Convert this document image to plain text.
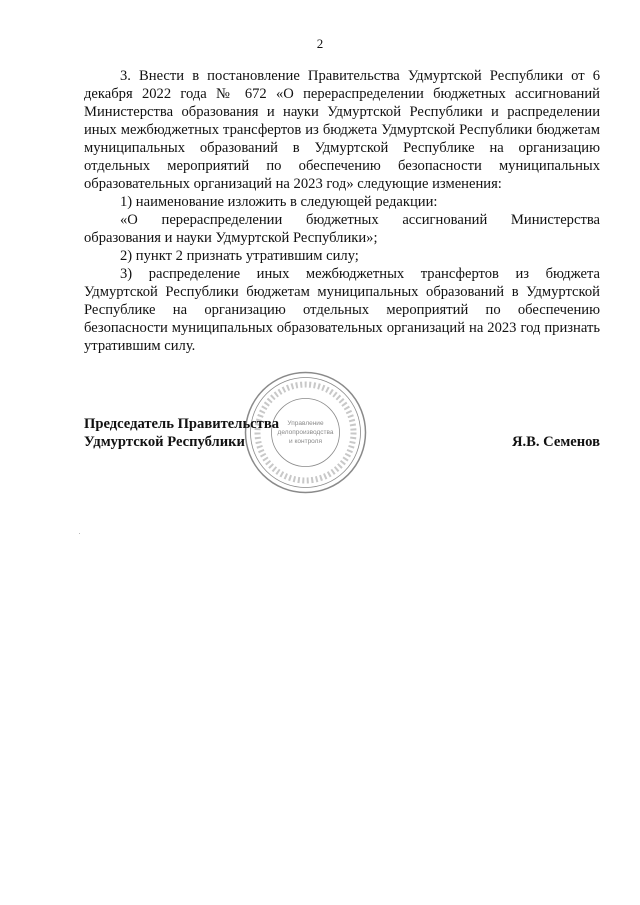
2

3. Внести в постановление Правительства Удмуртской Республики от 6 декабря 2022 года № 672 «О перераспределении бюджетных ассигнований Министерства образования и науки Удмуртской Республики и распределении иных межбюджетных трансфертов из бюджета Удмуртской Республики бюджетам муниципальных образований в Удмуртской Республике на организацию отдельных мероприятий по обеспечению безопасности муниципальных образовательных организаций на 2023 год» следующие изменения:

1) наименование изложить в следующей редакции:

«О перераспределении бюджетных ассигнований Министерства образования и науки Удмуртской Республики»;

2) пункт 2 признать утратившим силу;

3) распределение иных межбюджетных трансфертов из бюджета Удмуртской Республики бюджетам муниципальных образований в Удмуртской Республике на организацию отдельных мероприятий по обеспечению безопасности муниципальных образовательных организаций на 2023 год признать утратившим силу.

Управление
делопроизводства
и контроля
Председатель Правительства
Удмуртской Республики	Я.В. Семенов
